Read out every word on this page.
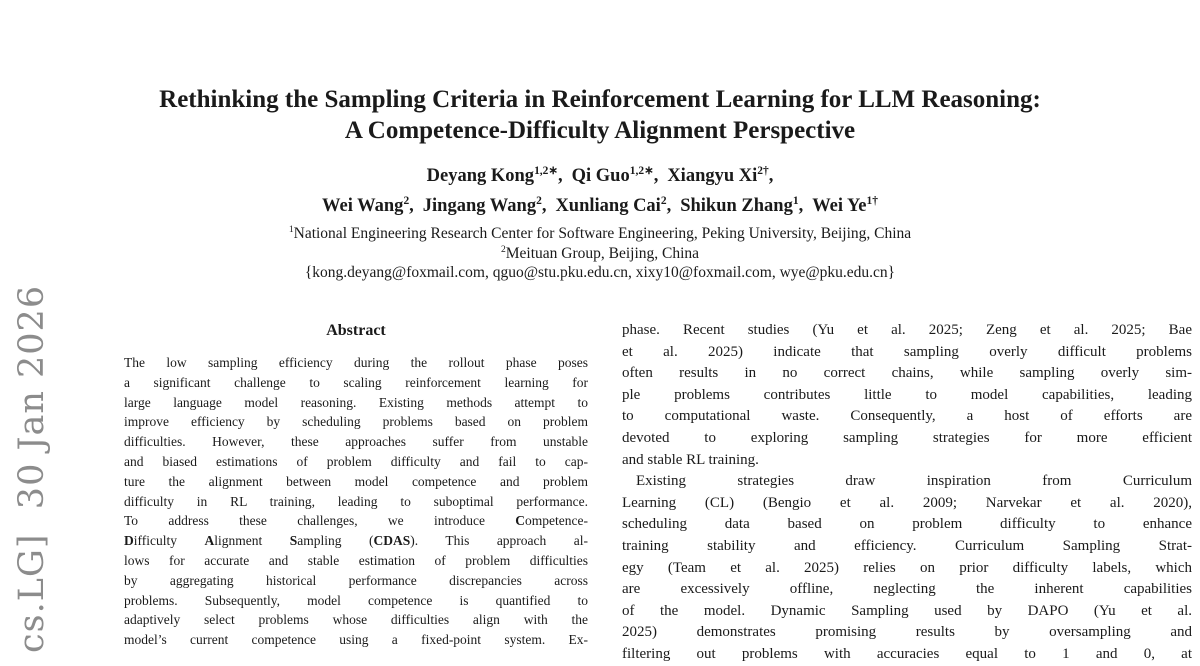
cs.LG]  30 Jan 2026
Rethinking the Sampling Criteria in Reinforcement Learning for LLM Reasoning:
A Competence-Difficulty Alignment Perspective
Deyang Kong$^{1,2∗}$, Qi Guo$^{1,2∗}$, Xiangyu $Xi^{2\dagger}$,
Wei Wang$^2$, Jingang Wang$^2$, Xunliang Cai$^2$, Shikun Zhang$^1$, Wei $Ye^{1\dagger}$
$^1$National Engineering Research Center for Software Engineering, Peking University, Beijing, China
$^2$Meituan Group, Beijing, China
{kong.deyang@foxmail.com, qguo@stu.pku.edu.cn, xixy10@foxmail.com, wye@pku.edu.cn}
Abstract
The low sampling efficiency during the rollout phase poses
a significant challenge to scaling reinforcement learning for
large language model reasoning. Existing methods attempt to
improve efficiency by scheduling problems based on problem
difficulties. However, these approaches suffer from unstable
and biased estimations of problem difficulty and fail to cap-
ture the alignment between model competence and problem
difficulty in RL training, leading to suboptimal performance.
To address these challenges, we introduce Competence-
Difficulty Alignment Sampling (CDAS). This approach al-
lows for accurate and stable estimation of problem difficulties
by aggregating historical performance discrepancies across
problems. Subsequently, model competence is quantified to
adaptively select problems whose difficulties align with the
model’s current competence using a fixed-point system. Ex-
phase. Recent studies (Yu et al. 2025; Zeng et al. 2025; Bae
et al. 2025) indicate that sampling overly difficult problems
often results in no correct chains, while sampling overly sim-
ple problems contributes little to model capabilities, leading
to computational waste. Consequently, a host of efforts are
devoted to exploring sampling strategies for more efficient
and stable RL training.
Existing strategies draw inspiration from Curriculum
Learning (CL) (Bengio et al. 2009; Narvekar et al. 2020),
scheduling data based on problem difficulty to enhance
training stability and efficiency. Curriculum Sampling Strat-
egy (Team et al. 2025) relies on prior difficulty labels, which
are excessively offline, neglecting the inherent capabilities
of the model. Dynamic Sampling used by DAPO (Yu et al.
2025) demonstrates promising results by oversampling and
filtering out problems with accuracies equal to 1 and 0, at
